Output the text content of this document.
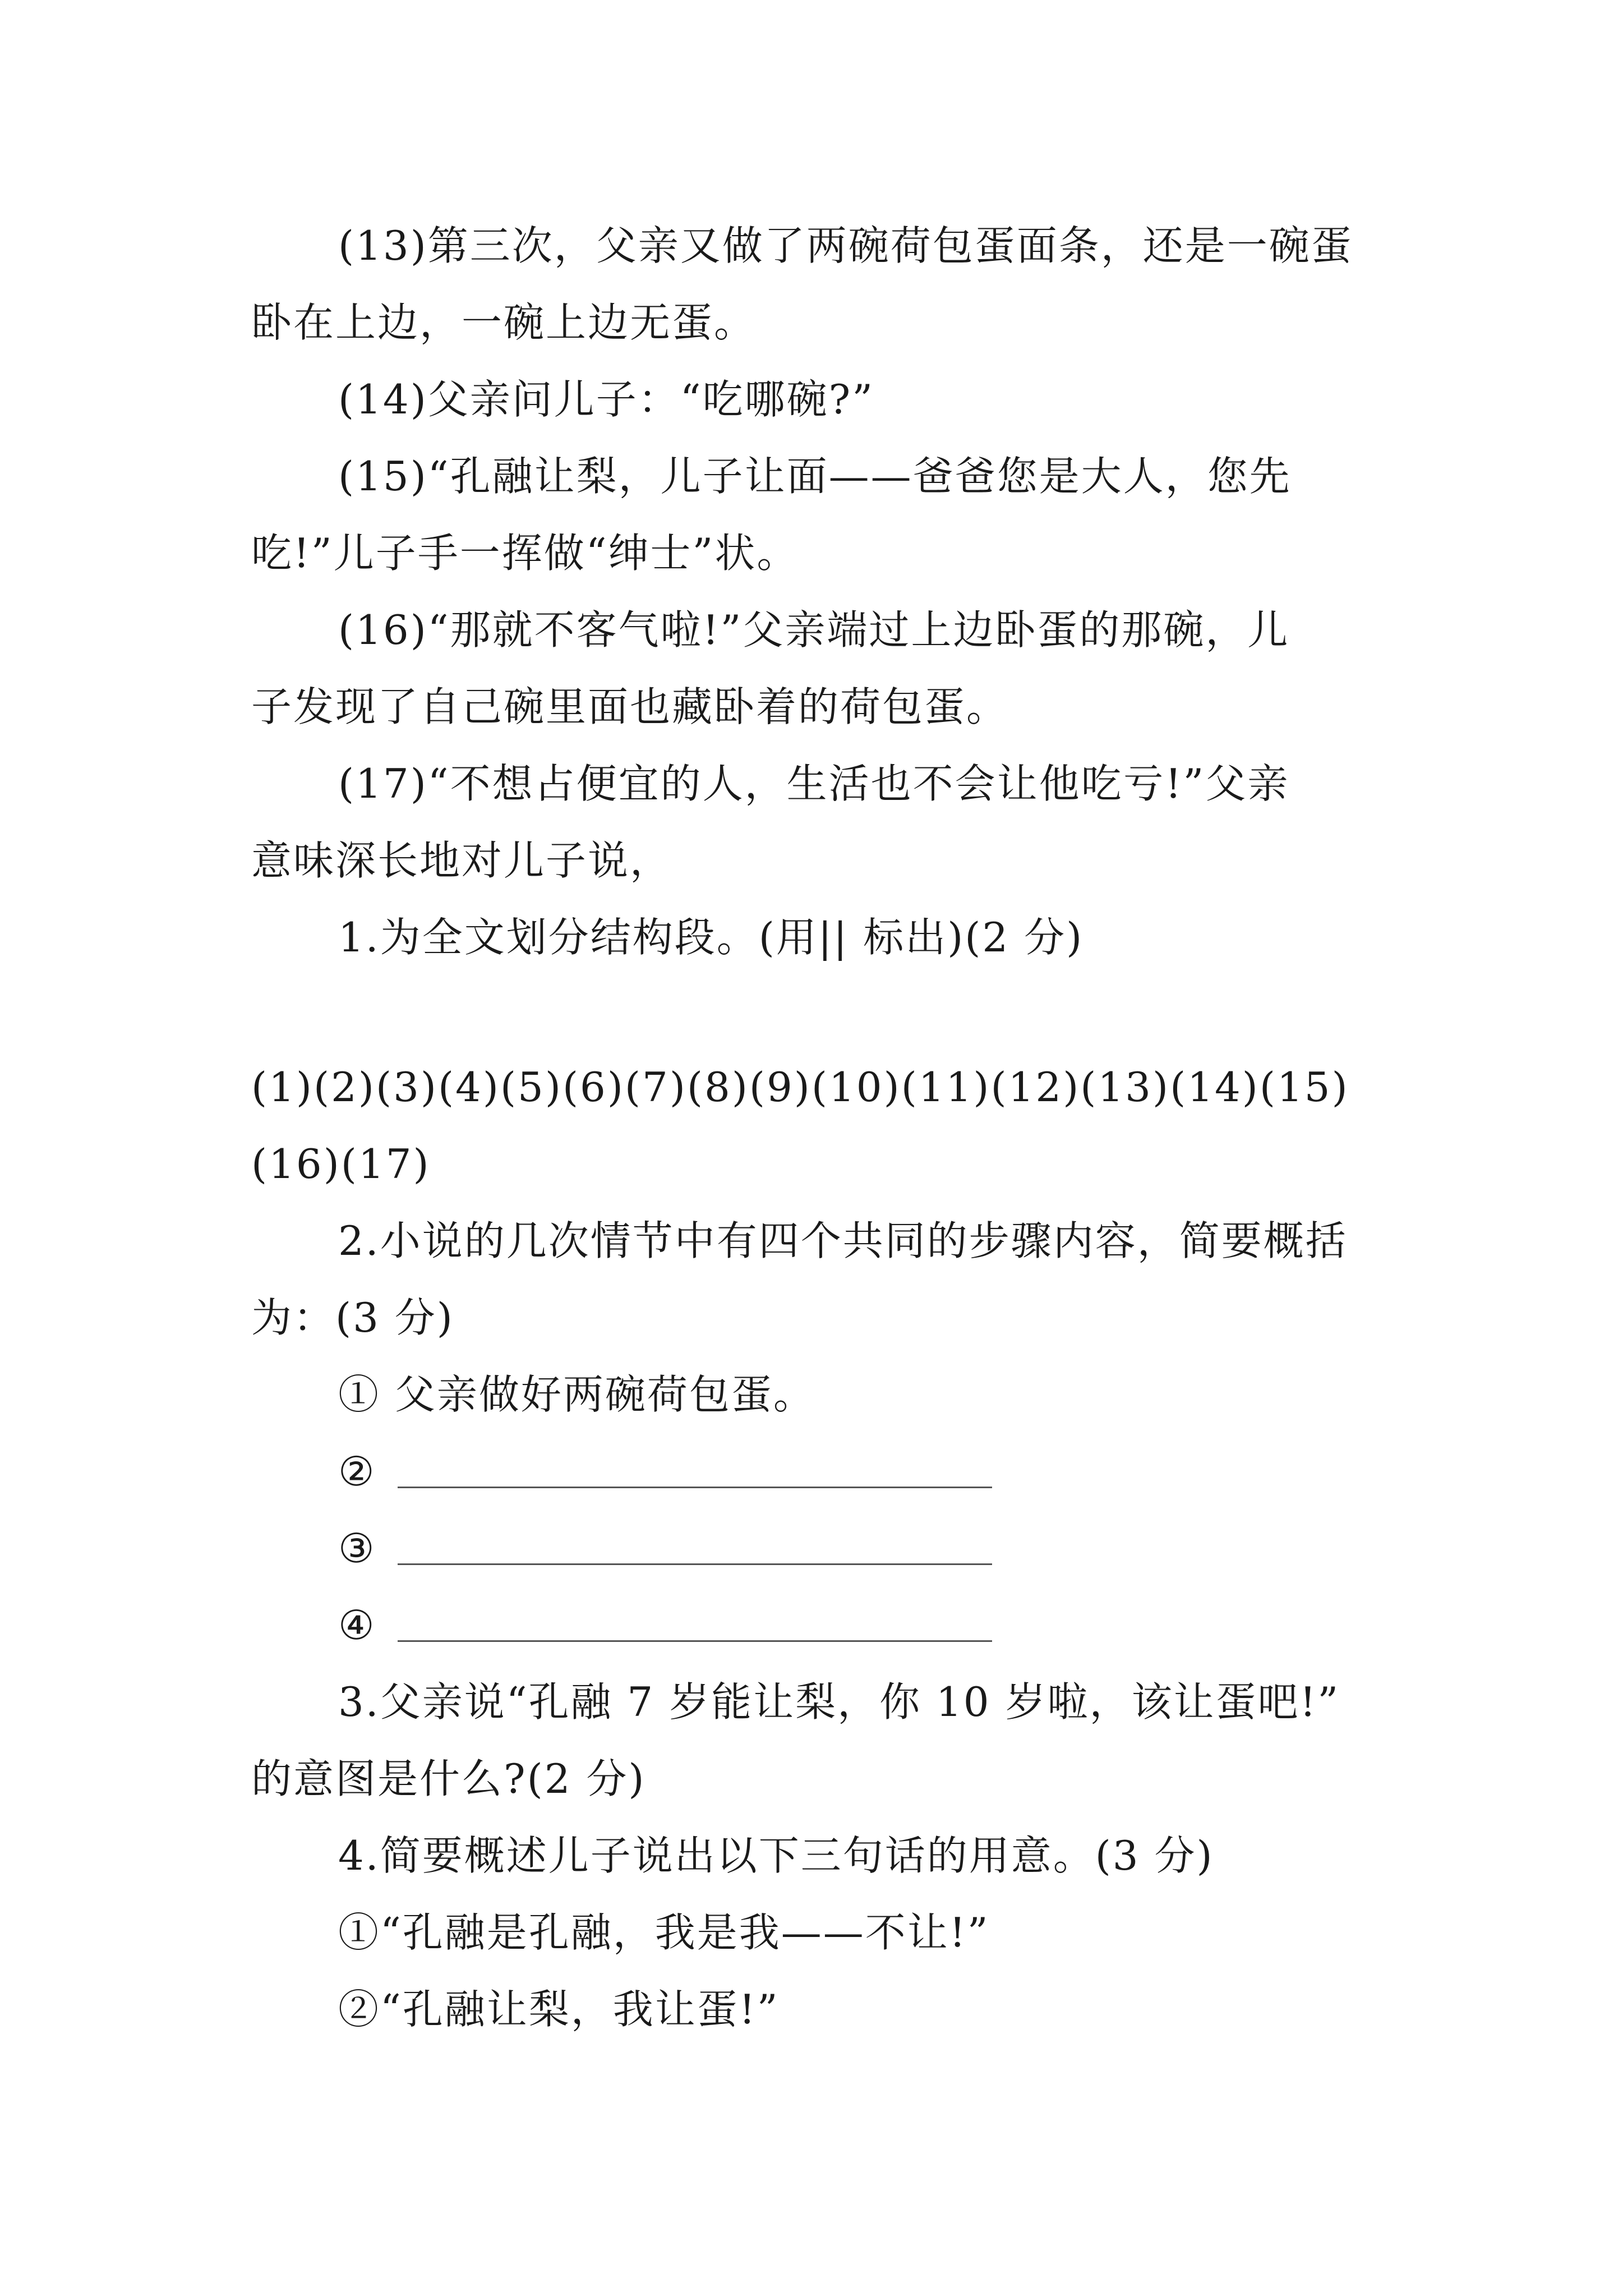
(13)第三次，父亲又做了两碗荷包蛋面条，还是一碗蛋
卧在上边，一碗上边无蛋。
(14)父亲问儿子：“吃哪碗?”
(15)“孔融让梨，儿子让面——爸爸您是大人，您先
吃!”儿子手一挥做“绅士”状。
(16)“那就不客气啦!”父亲端过上边卧蛋的那碗，儿
子发现了自己碗里面也藏卧着的荷包蛋。
(17)“不想占便宜的人，生活也不会让他吃亏!”父亲
意味深长地对儿子说，
1.为全文划分结构段。(用|| 标出)(2 分)
(1)(2)(3)(4)(5)(6)(7)(8)(9)(10)(11)(12)(13)(14)(15)
(16)(17)
2.小说的几次情节中有四个共同的步骤内容，简要概括
为：(3 分)
① 父亲做好两碗荷包蛋。
②
③
④
3.父亲说“孔融 7 岁能让梨，你 10 岁啦，该让蛋吧!”
的意图是什么?(2 分)
4.简要概述儿子说出以下三句话的用意。(3 分)
①“孔融是孔融，我是我——不让!”
②“孔融让梨，我让蛋!”
